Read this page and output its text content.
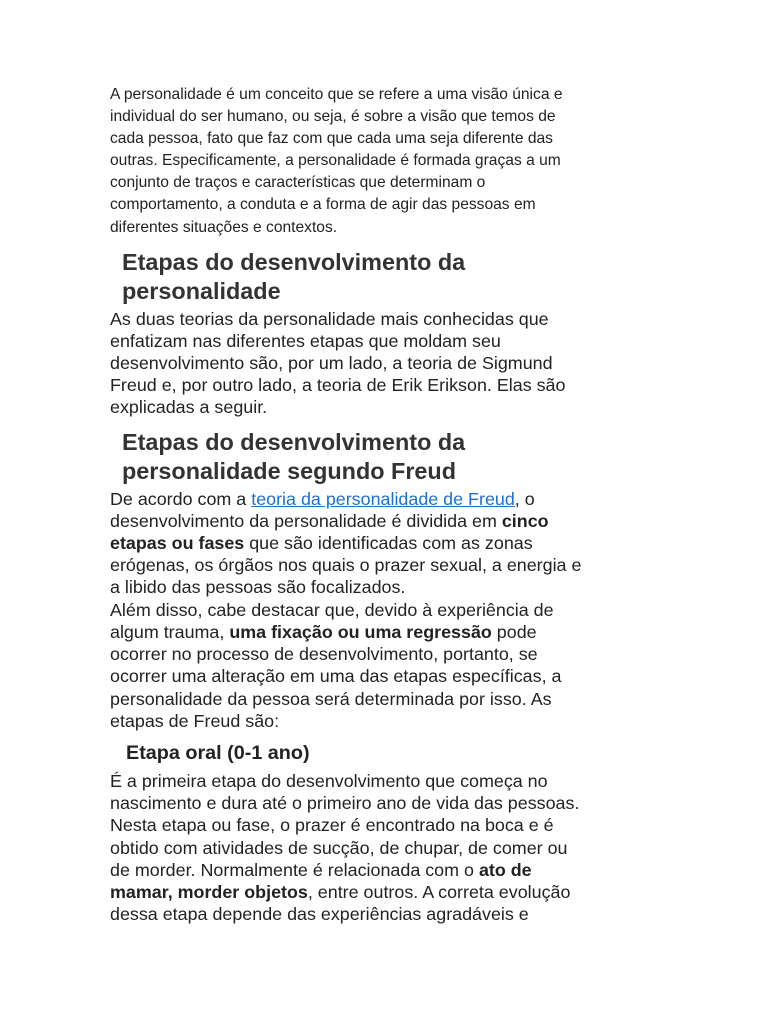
A personalidade é um conceito que se refere a uma visão única e
individual do ser humano, ou seja, é sobre a visão que temos de
cada pessoa, fato que faz com que cada uma seja diferente das
outras. Especificamente, a personalidade é formada graças a um
conjunto de traços e características que determinam o
comportamento, a conduta e a forma de agir das pessoas em
diferentes situações e contextos.

Etapas do desenvolvimento da
personalidade

As duas teorias da personalidade mais conhecidas que
enfatizam nas diferentes etapas que moldam seu
desenvolvimento são, por um lado, a teoria de Sigmund
Freud e, por outro lado, a teoria de Erik Erikson. Elas são
explicadas a seguir.

Etapas do desenvolvimento da
personalidade segundo Freud

De acordo com a teoria da personalidade de Freud, o
desenvolvimento da personalidade é dividida em cinco
etapas ou fases que são identificadas com as zonas
erógenas, os órgãos nos quais o prazer sexual, a energia e
a libido das pessoas são focalizados.
Além disso, cabe destacar que, devido à experiência de
algum trauma, uma fixação ou uma regressão pode
ocorrer no processo de desenvolvimento, portanto, se
ocorrer uma alteração em uma das etapas específicas, a
personalidade da pessoa será determinada por isso. As
etapas de Freud são:

Etapa oral (0-1 ano)

É a primeira etapa do desenvolvimento que começa no
nascimento e dura até o primeiro ano de vida das pessoas.
Nesta etapa ou fase, o prazer é encontrado na boca e é
obtido com atividades de sucção, de chupar, de comer ou
de morder. Normalmente é relacionada com o ato de
mamar, morder objetos, entre outros. A correta evolução
dessa etapa depende das experiências agradáveis e
